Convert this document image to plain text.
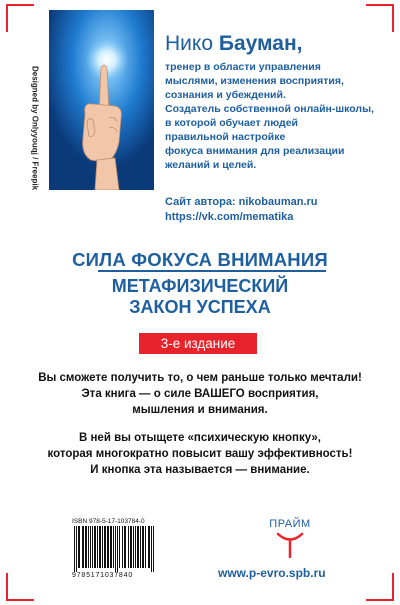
Designed by Onlyyouqj / Freepik
Нико Бауман,
тренер в области управления
мыслями, изменения восприятия,
сознания и убеждений.
Создатель собственной онлайн-школы,
в которой обучает людей
правильной настройке
фокуса внимания для реализации
желаний и целей.
Сайт автора: nikobauman.ru
https://vk.com/mematika
СИЛА ФОКУСА ВНИМАНИЯ
МЕТАФИЗИЧЕСКИЙ
ЗАКОН УСПЕХА
3-е издание
Вы сможете получить то, о чем раньше только мечтали!
Эта книга — о силе ВАШЕГО восприятия,
мышления и внимания.
В ней вы отыщете «психическую кнопку»,
которая многократно повысит вашу эффективность!
И кнопка эта называется — внимание.
ISBN 978-5-17-103784-0
9785171037840
ПРАЙМ
www.p-evro.spb.ru
